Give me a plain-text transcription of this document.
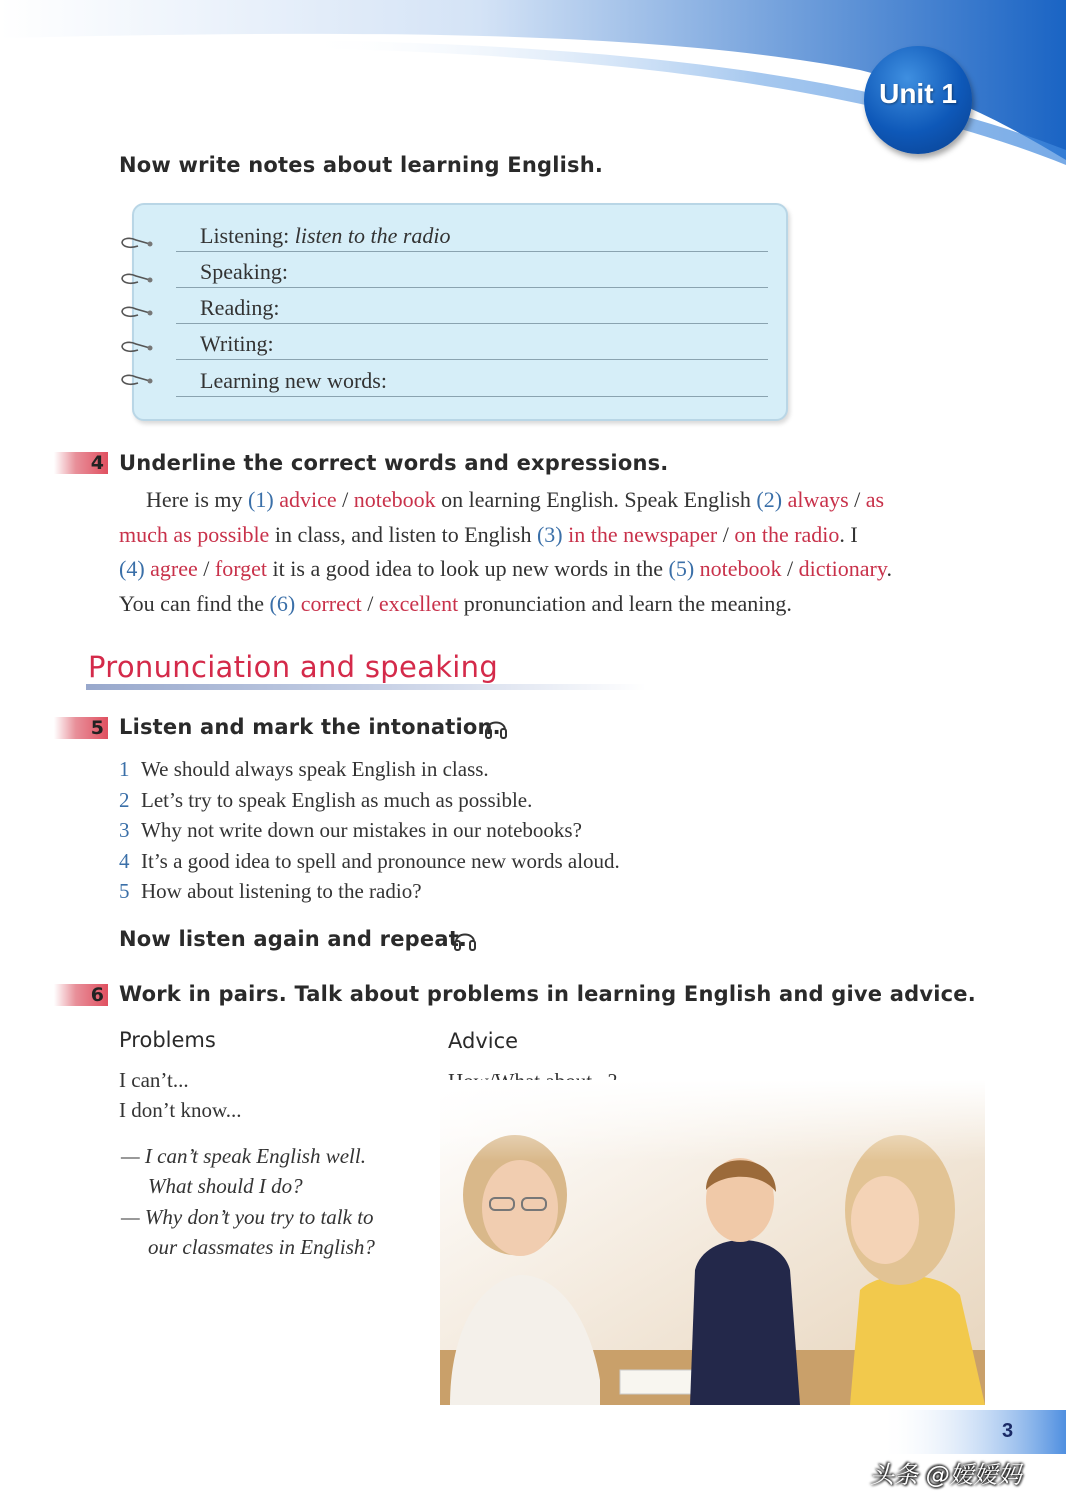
Unit 1
Now write notes about learning English.
Listening: listen to the radio
Speaking:
Reading:
Writing:
Learning new words:
4 Underline the correct words and expressions.
Here is my (1) advice / notebook on learning English. Speak English (2) always / as
much as possible in class, and listen to English (3) in the newspaper / on the radio. I
(4) agree / forget it is a good idea to look up new words in the (5) notebook / dictionary.
You can find the (6) correct / excellent pronunciation and learn the meaning.
Pronunciation and speaking
5 Listen and mark the intonation.
1 We should always speak English in class.
2 Let’s try to speak English as much as possible.
3 Why not write down our mistakes in our notebooks?
4 It’s a good idea to spell and pronounce new words aloud.
5 How about listening to the radio?
Now listen again and repeat.
6 Work in pairs. Talk about problems in learning English and give advice.
Problems	Advice
I can’t...
I don’t know...
— I can’t speak English well.
What should I do?
— Why don’t you try to talk to
our classmates in English?
3
头条 @嫒嫒妈
